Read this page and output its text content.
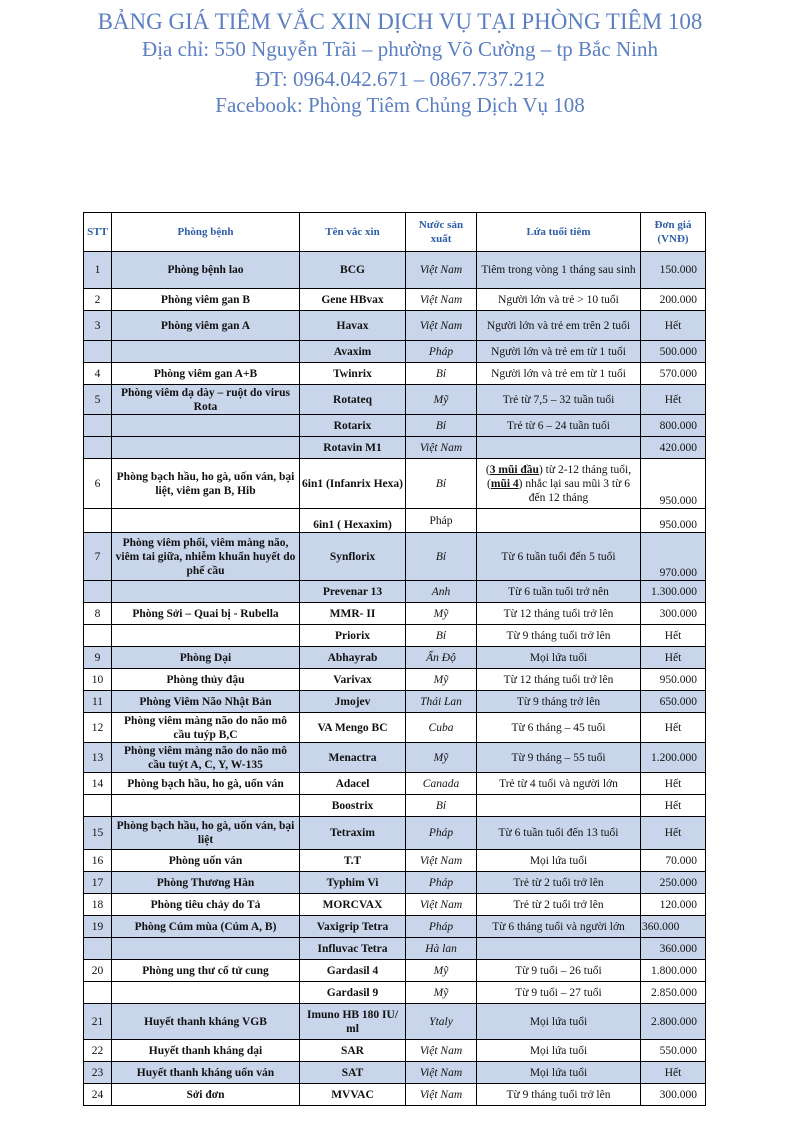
BẢNG GIÁ TIÊM VẮC XIN DỊCH VỤ TẠI PHÒNG TIÊM 108
Địa chỉ: 550 Nguyễn Trãi – phường Võ Cường – tp Bắc Ninh
ĐT: 0964.042.671 – 0867.737.212
Facebook: Phòng Tiêm Chủng Dịch Vụ 108
STT	Phòng bệnh	Tên vắc xin	Nước sản xuất	Lứa tuổi tiêm	Đơn giá (VNĐ)
1	Phòng bệnh lao	BCG	Việt Nam	Tiêm trong vòng 1 tháng sau sinh	150.000
2	Phòng viêm gan B	Gene HBvax	Việt Nam	Người lớn và trẻ > 10 tuổi	200.000
3	Phòng viêm gan A	Havax	Việt Nam	Người lớn và trẻ em trên 2 tuổi	Hết
		Avaxim	Pháp	Người lớn và trẻ em từ 1 tuổi	500.000
4	Phòng viêm gan A+B	Twinrix	Bỉ	Người lớn và trẻ em từ 1 tuổi	570.000
5	Phòng viêm dạ dày – ruột do virus Rota	Rotateq	Mỹ	Trẻ từ 7,5 – 32 tuần tuổi	Hết
		Rotarix	Bỉ	Trẻ từ 6 – 24 tuần tuổi	800.000
		Rotavin M1	Việt Nam		420.000
6	Phòng bạch hầu, ho gà, uốn ván, bại liệt, viêm gan B, Hib	6in1 (Infanrix Hexa)	Bỉ	(3 mũi đầu) từ 2-12 tháng tuổi, (mũi 4) nhắc lại sau mũi 3 từ 6 đến 12 tháng	950.000
		6in1 ( Hexaxim)	Pháp		950.000
7	Phòng viêm phổi, viêm màng não, viêm tai giữa, nhiễm khuẩn huyết do phế cầu	Synflorix	Bỉ	Từ 6 tuần tuổi đến 5 tuổi	970.000
		Prevenar 13	Anh	Từ 6 tuần tuổi trở nên	1.300.000
8	Phòng Sởi – Quai bị - Rubella	MMR- II	Mỹ	Từ 12 tháng tuổi trở lên	300.000
		Priorix	Bỉ	Từ 9 tháng tuổi trở lên	Hết
9	Phòng Dại	Abhayrab	Ấn Độ	Mọi lứa tuổi	Hết
10	Phòng thủy đậu	Varivax	Mỹ	Từ 12 tháng tuổi trở lên	950.000
11	Phòng Viêm Não Nhật Bản	Jmojev	Thái Lan	Từ 9 tháng trở lên	650.000
12	Phòng viêm màng não do não mô cầu tuýp B,C	VA Mengo BC	Cuba	Từ 6 tháng – 45 tuổi	Hết
13	Phòng viêm màng não do não mô cầu tuýt A, C, Y, W-135	Menactra	Mỹ	Từ 9 tháng – 55 tuổi	1.200.000
14	Phòng bạch hầu, ho gà, uốn ván	Adacel	Canada	Trẻ từ 4 tuổi và người lớn	Hết
		Boostrix	Bỉ		Hết
15	Phòng bạch hầu, ho gà, uốn ván, bại liệt	Tetraxim	Pháp	Từ 6 tuần tuổi đến 13 tuổi	Hết
16	Phòng uốn ván	T.T	Việt Nam	Mọi lứa tuổi	70.000
17	Phòng Thương Hàn	Typhim Vi	Pháp	Trẻ từ 2 tuổi trở lên	250.000
18	Phòng tiêu chảy do Tả	MORCVAX	Việt Nam	Trẻ từ 2 tuổi trở lên	120.000
19	Phòng Cúm mùa (Cúm A, B)	Vaxigrip Tetra	Pháp	Từ 6 tháng tuổi và người lớn	360.000
		Influvac Tetra	Hà lan		360.000
20	Phòng ung thư cổ tử cung	Gardasil 4	Mỹ	Từ 9 tuổi – 26 tuổi	1.800.000
		Gardasil 9	Mỹ	Từ 9 tuổi – 27 tuổi	2.850.000
21	Huyết thanh kháng VGB	Imuno HB 180 IU/ ml	Ytaly	Mọi lứa tuổi	2.800.000
22	Huyết thanh kháng dại	SAR	Việt Nam	Mọi lứa tuổi	550.000
23	Huyết thanh kháng uốn ván	SAT	Việt Nam	Mọi lứa tuổi	Hết
24	Sởi đơn	MVVAC	Việt Nam	Từ 9 tháng tuổi trở lên	300.000
